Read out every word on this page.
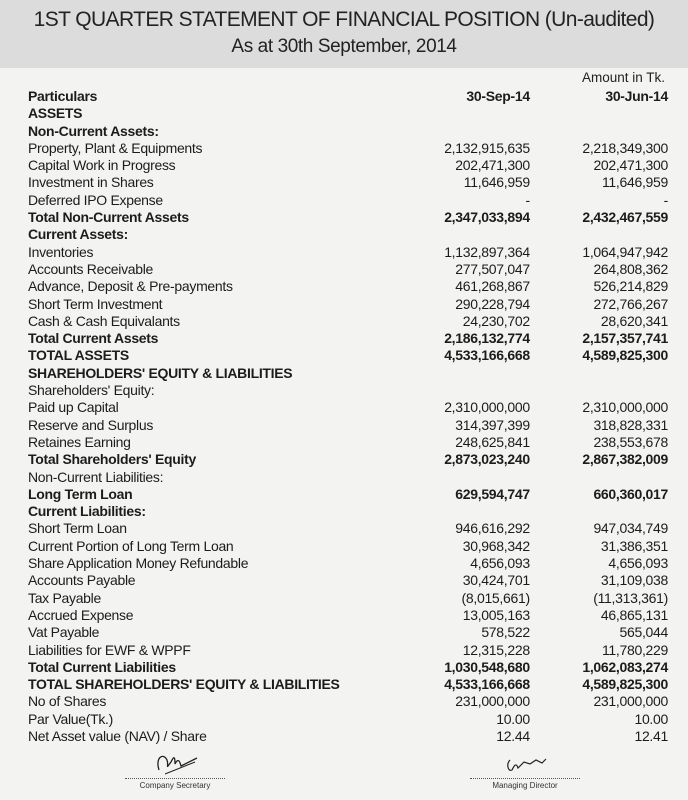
1ST QUARTER STATEMENT OF FINANCIAL POSITION (Un-audited)
As at 30th September, 2014
Amount in Tk.
Particulars	30-Sep-14	30-Jun-14
ASSETS
Non-Current Assets:
Property, Plant & Equipments	2,132,915,635	2,218,349,300
Capital Work in Progress	202,471,300	202,471,300
Investment in Shares	11,646,959	11,646,959
Deferred IPO Expense	-	-
Total Non-Current Assets	2,347,033,894	2,432,467,559
Current Assets:
Inventories	1,132,897,364	1,064,947,942
Accounts Receivable	277,507,047	264,808,362
Advance, Deposit & Pre-payments	461,268,867	526,214,829
Short Term Investment	290,228,794	272,766,267
Cash & Cash Equivalants	24,230,702	28,620,341
Total Current Assets	2,186,132,774	2,157,357,741
TOTAL ASSETS	4,533,166,668	4,589,825,300
SHAREHOLDERS' EQUITY & LIABILITIES
Shareholders' Equity:
Paid up Capital	2,310,000,000	2,310,000,000
Reserve and Surplus	314,397,399	318,828,331
Retaines Earning	248,625,841	238,553,678
Total Shareholders' Equity	2,873,023,240	2,867,382,009
Non-Current Liabilities:
Long Term Loan	629,594,747	660,360,017
Current Liabilities:
Short Term Loan	946,616,292	947,034,749
Current Portion of Long Term Loan	30,968,342	31,386,351
Share Application Money Refundable	4,656,093	4,656,093
Accounts Payable	30,424,701	31,109,038
Tax Payable	(8,015,661)	(11,313,361)
Accrued Expense	13,005,163	46,865,131
Vat Payable	578,522	565,044
Liabilities for EWF & WPPF	12,315,228	11,780,229
Total Current Liabilities	1,030,548,680	1,062,083,274
TOTAL SHAREHOLDERS' EQUITY & LIABILITIES	4,533,166,668	4,589,825,300
No of Shares	231,000,000	231,000,000
Par Value(Tk.)	10.00	10.00
Net Asset value (NAV) / Share	12.44	12.41
Company Secretary	Managing Director
